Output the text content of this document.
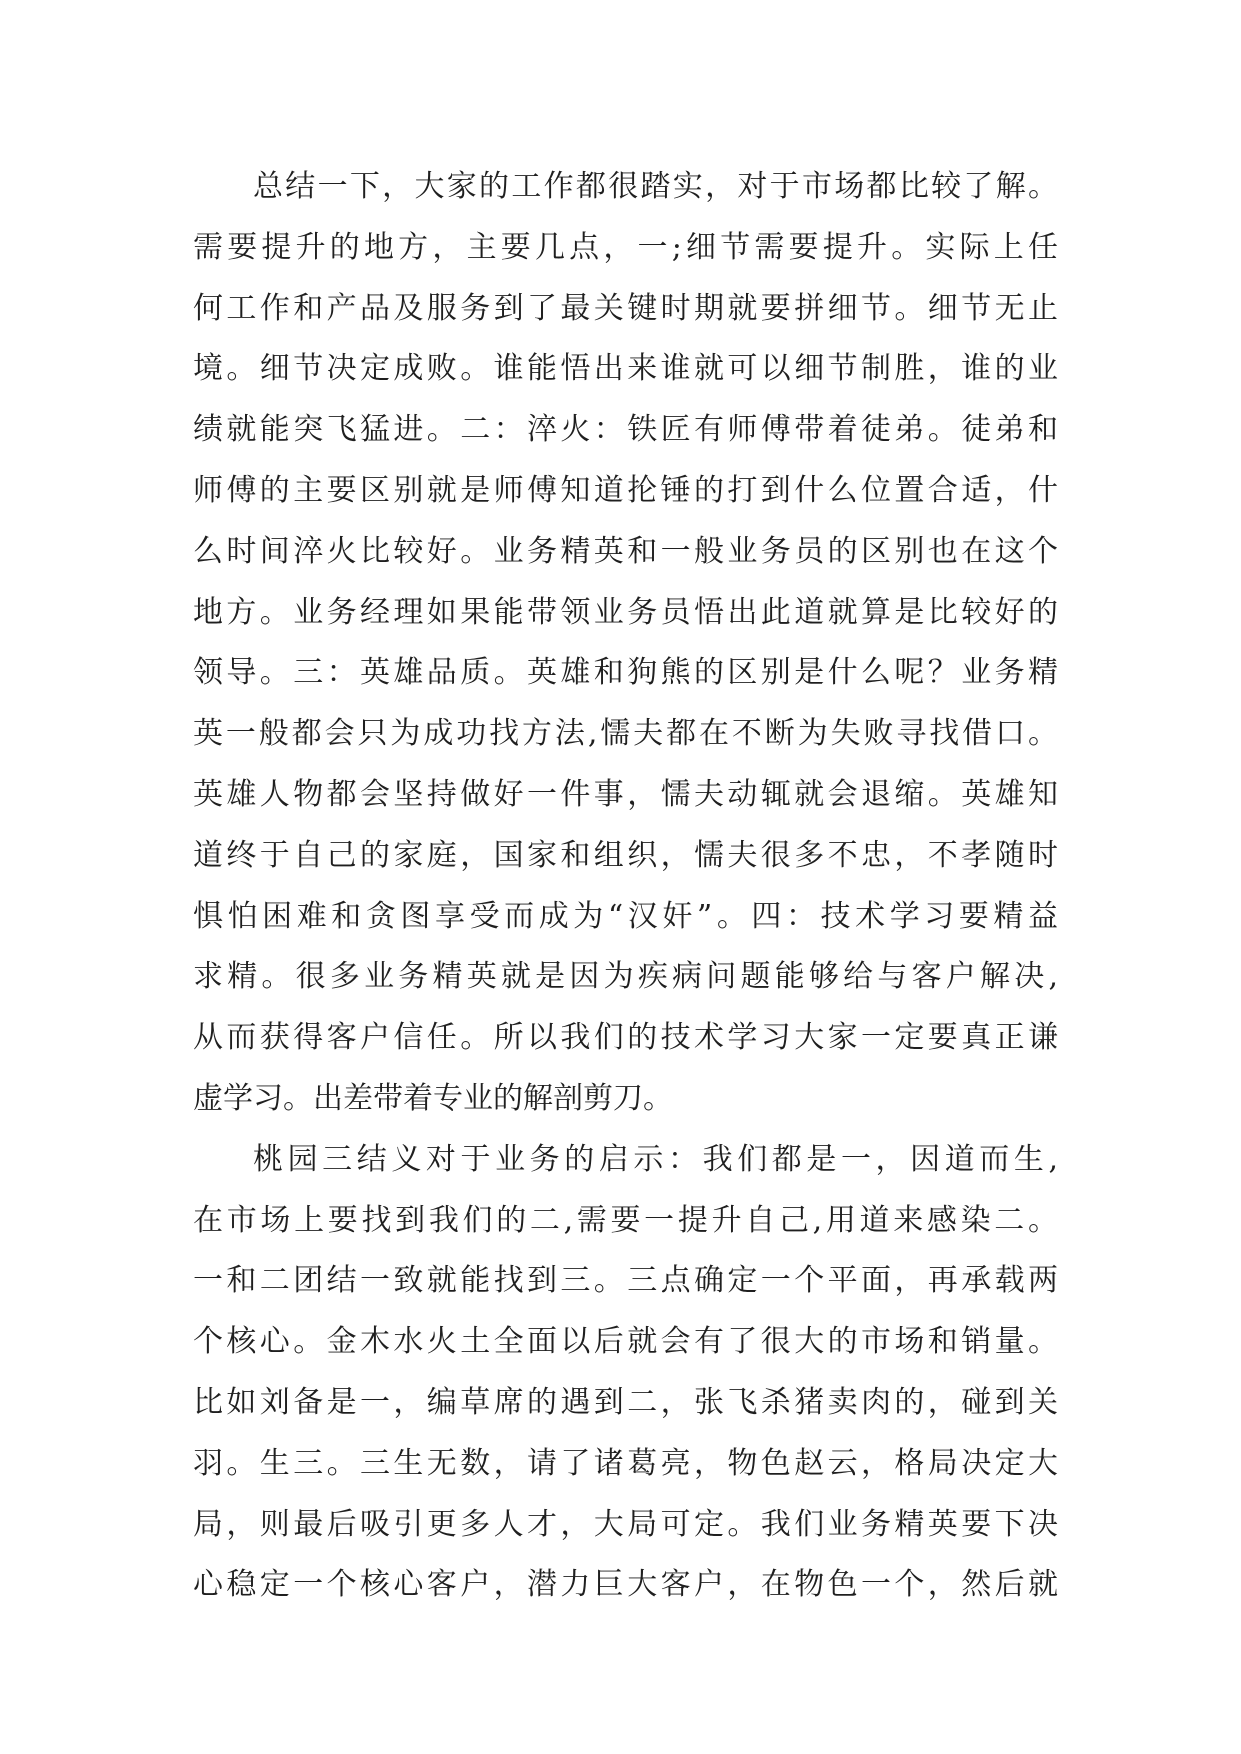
总结一下，大家的工作都很踏实，对于市场都比较了解。
需要提升的地方，主要几点，一;细节需要提升。实际上任
何工作和产品及服务到了最关键时期就要拼细节。细节无止
境。细节决定成败。谁能悟出来谁就可以细节制胜，谁的业
绩就能突飞猛进。二：淬火：铁匠有师傅带着徒弟。徒弟和
师傅的主要区别就是师傅知道抡锤的打到什么位置合适，什
么时间淬火比较好。业务精英和一般业务员的区别也在这个
地方。业务经理如果能带领业务员悟出此道就算是比较好的
领导。三：英雄品质。英雄和狗熊的区别是什么呢？业务精
英一般都会只为成功找方法,懦夫都在不断为失败寻找借口。
英雄人物都会坚持做好一件事，懦夫动辄就会退缩。英雄知
道终于自己的家庭，国家和组织，懦夫很多不忠，不孝随时
惧怕困难和贪图享受而成为“汉奸”。四：技术学习要精益
求精。很多业务精英就是因为疾病问题能够给与客户解决,
从而获得客户信任。所以我们的技术学习大家一定要真正谦
虚学习。出差带着专业的解剖剪刀。
桃园三结义对于业务的启示：我们都是一，因道而生,
在市场上要找到我们的二,需要一提升自己,用道来感染二。
一和二团结一致就能找到三。三点确定一个平面，再承载两
个核心。金木水火土全面以后就会有了很大的市场和销量。
比如刘备是一，编草席的遇到二，张飞杀猪卖肉的，碰到关
羽。生三。三生无数，请了诸葛亮，物色赵云，格局决定大
局，则最后吸引更多人才，大局可定。我们业务精英要下决
心稳定一个核心客户，潜力巨大客户，在物色一个，然后就
